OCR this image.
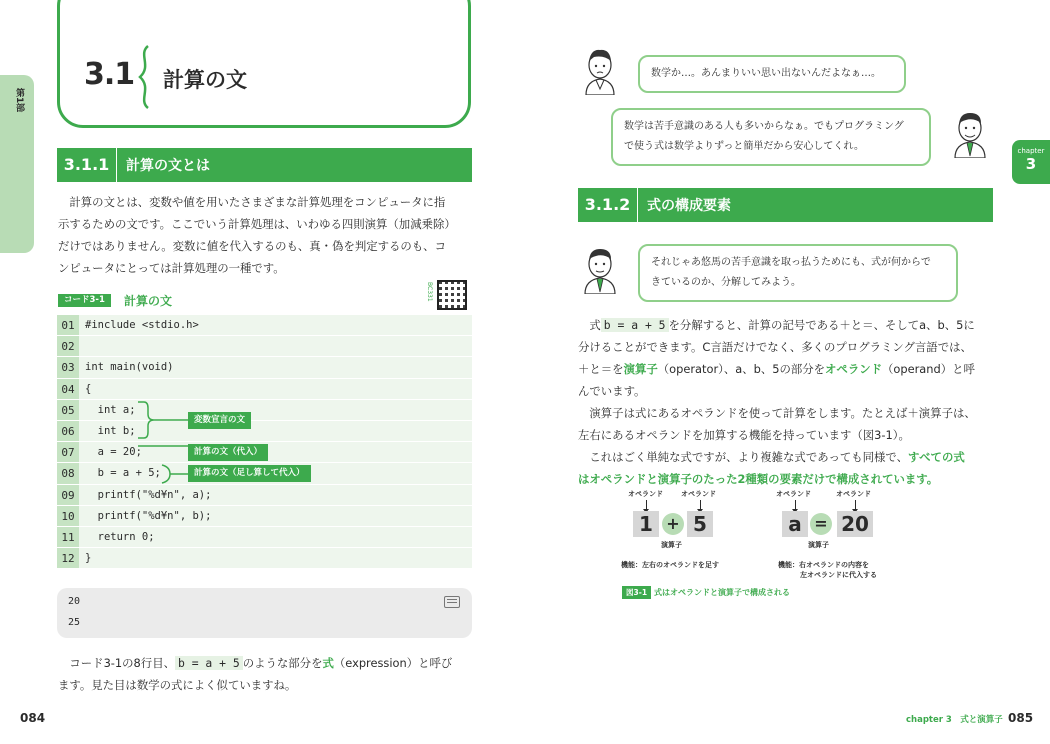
第1部
3.1 計算の文
3.1.1	計算の文とは
計算の文とは、変数や値を用いたさまざまな計算処理をコンピュータに指
示するための文です。ここでいう計算処理は、いわゆる四則演算（加減乗除）
だけではありません。変数に値を代入するのも、真・偽を判定するのも、コ
ンピュータにとっては計算処理の一種です。
コード3-1	計算の文	BC331
01 #include <stdio.h>
02
03 int main(void)
04 {
05 int a;
06 int b;
07 a = 20;
08 b = a + 5;
09 printf("%d¥n", a);
10 printf("%d¥n", b);
11 return 0;
12 }
変数宣言の文
計算の文（代入）
計算の文（足し算して代入）
20
25
コード3-1の8行目、 b = a + 5 のような部分を式（expression）と呼び
ます。見た目は数学の式によく似ていますね。
084
数学か…。あんまりいい思い出ないんだよなぁ…。
数学は苦手意識のある人も多いからなぁ。でもプログラミング
で使う式は数学よりずっと簡単だから安心してくれ。	chapter
3
3.1.2	式の構成要素
それじゃあ悠馬の苦手意識を取っ払うためにも、式が何からで
きているのか、分解してみよう。
式 b = a + 5 を分解すると、計算の記号である＋と＝、そしてa、b、5に
分けることができます。C言語だけでなく、多くのプログラミング言語では、
＋と＝を演算子（operator）、a、b、5の部分をオペランド（operand）と呼
んでいます。
演算子は式にあるオペランドを使って計算をします。たとえば＋演算子は、
左右にあるオペランドを加算する機能を持っています（図3-1）。
これはごく単純な式ですが、より複雑な式であっても同様で、すべての式
はオペランドと演算子のたった2種類の要素だけで構成されています。
オペランド	オペランド
1 + 5
演算子
機能：左右のオペランドを足す
オペランド	オペランド
a = 20
演算子
機能：右オペランドの内容を
左オペランドに代入する
図3-1 式はオペランドと演算子で構成される
chapter 3　式と演算子 085
